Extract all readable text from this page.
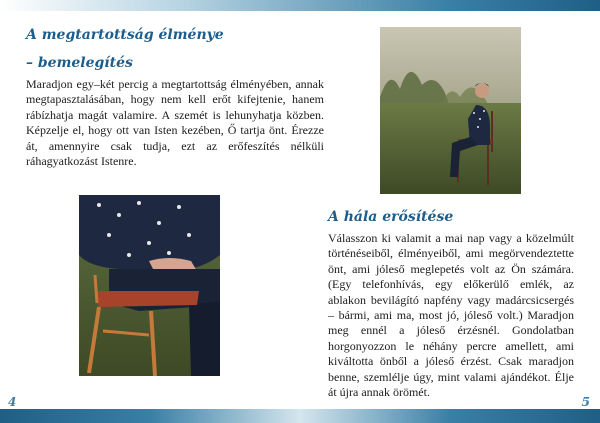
A megtartottság élménye
– bemelegítés

Maradjon egy–két percig a megtartottság élményében, annak megtapasztalásában, hogy nem kell erőt kifejtenie, hanem rábízhatja magát valamire. A szemét is lehunyhatja közben. Képzelje el, hogy ott van Isten kezében, Ő tartja önt. Érezze át, amennyire csak tudja, ezt az erőfeszítés nélküli ráhagyatkozást Istenre.

A hála erősítése

Válasszon ki valamit a mai nap vagy a közelmúlt történéseiből, élményeiből, ami megörvendeztette önt, ami jóleső meglepetés volt az Ön számára. (Egy telefonhívás, egy előkerülő emlék, az ablakon bevilágító napfény vagy madárcsicsergés – bármi, ami ma, most jó, jóleső volt.) Maradjon meg ennél a jóleső érzésnél. Gondolatban horgonyozzon le néhány percre amellett, ami kiváltotta önből a jóleső érzést. Csak maradjon benne, szemlélje úgy, mint valami ajándékot. Élje át újra annak örömét.

4	5
